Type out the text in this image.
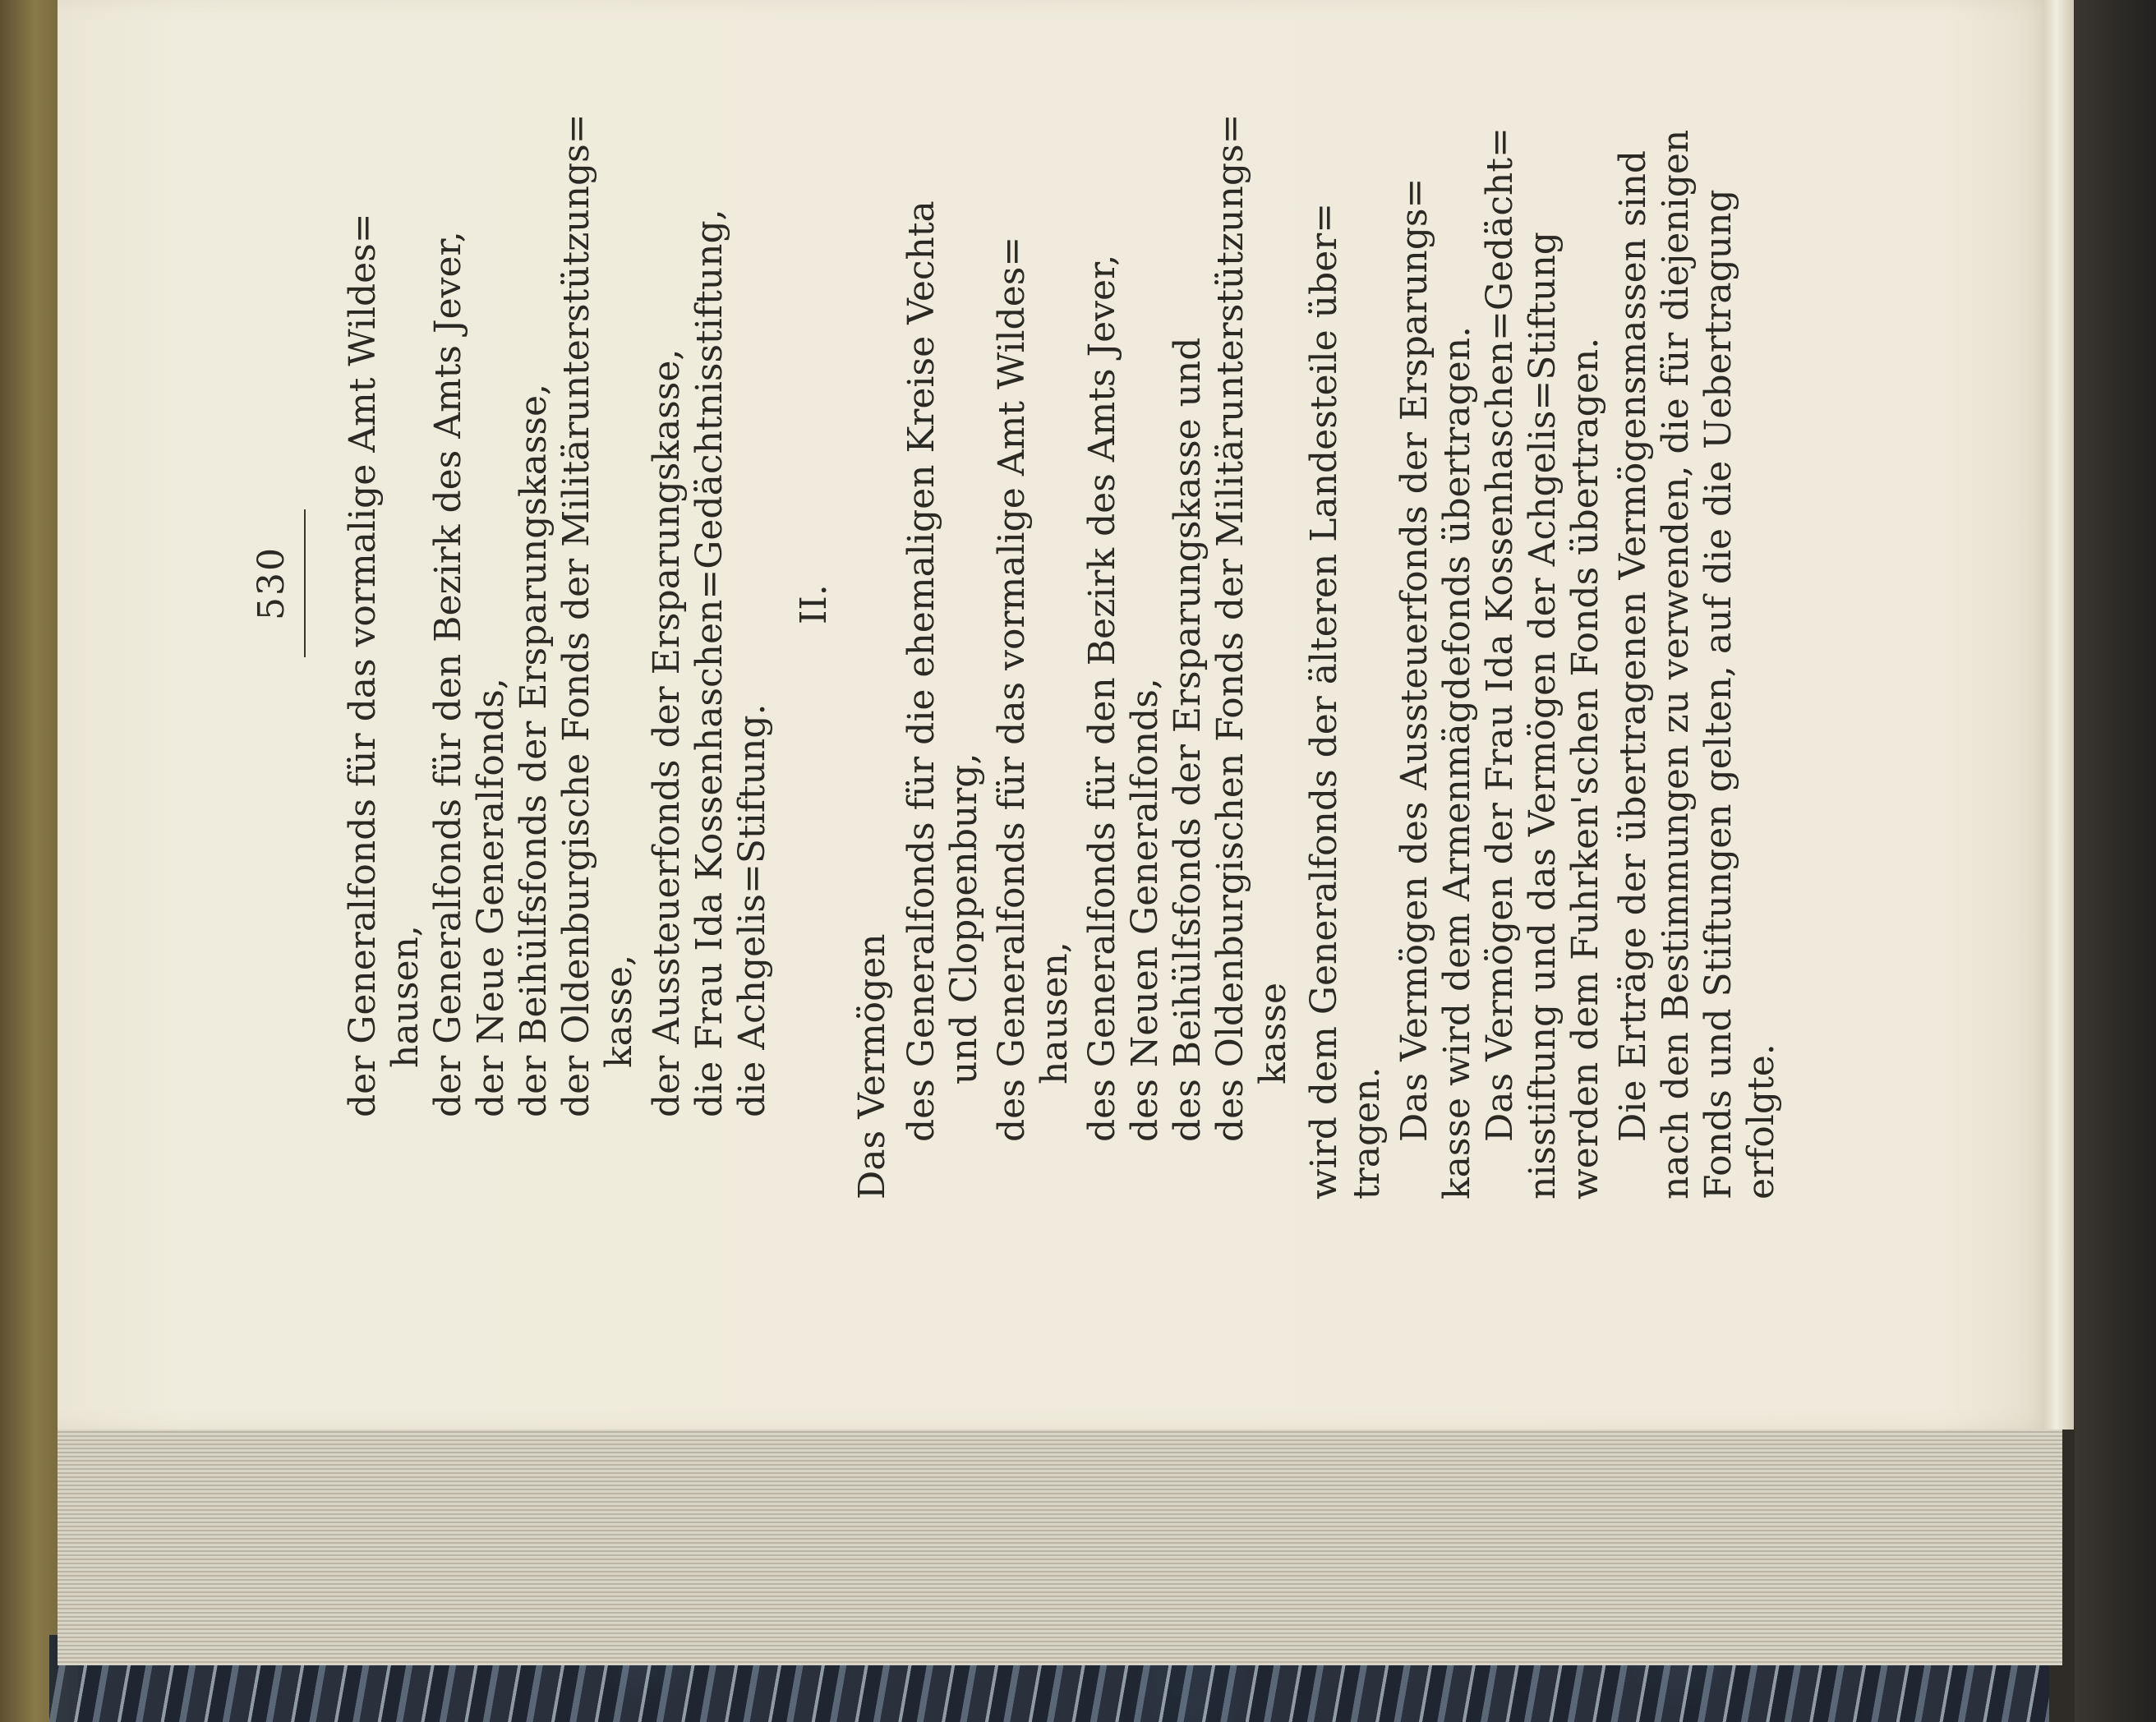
530 der Generalfonds für das vormalige Amt Wildes= hausen, der Generalfonds für den Bezirk des Amts Jever, der Neue Generalfonds, der Beihülfsfonds der Ersparungskasse, der Oldenburgische Fonds der Militärunterstützungs= kasse, der Aussteuerfonds der Ersparungskasse, die Frau Ida Kossenhaschen=Gedächtnisstiftung, die Achgelis=Stiftung.
II.
Das Vermögen des Generalfonds für die ehemaligen Kreise Vechta und Cloppenburg, des Generalfonds für das vormalige Amt Wildes= hausen, des Generalfonds für den Bezirk des Amts Jever, des Neuen Generalfonds, des Beihülfsfonds der Ersparungskasse und des Oldenburgischen Fonds der Militärunterstützungs= kasse wird dem Generalfonds der älteren Landesteile über= tragen. Das Vermögen des Aussteuerfonds der Ersparungs= kasse wird dem Armenmägdefonds übertragen. Das Vermögen der Frau Ida Kossenhaschen=Gedächt= nisstiftung und das Vermögen der Achgelis=Stiftung werden dem Fuhrken'schen Fonds übertragen. Die Erträge der übertragenen Vermögensmassen sind nach den Bestimmungen zu verwenden, die für diejenigen Fonds und Stiftungen gelten, auf die die Uebertragung erfolgte.
